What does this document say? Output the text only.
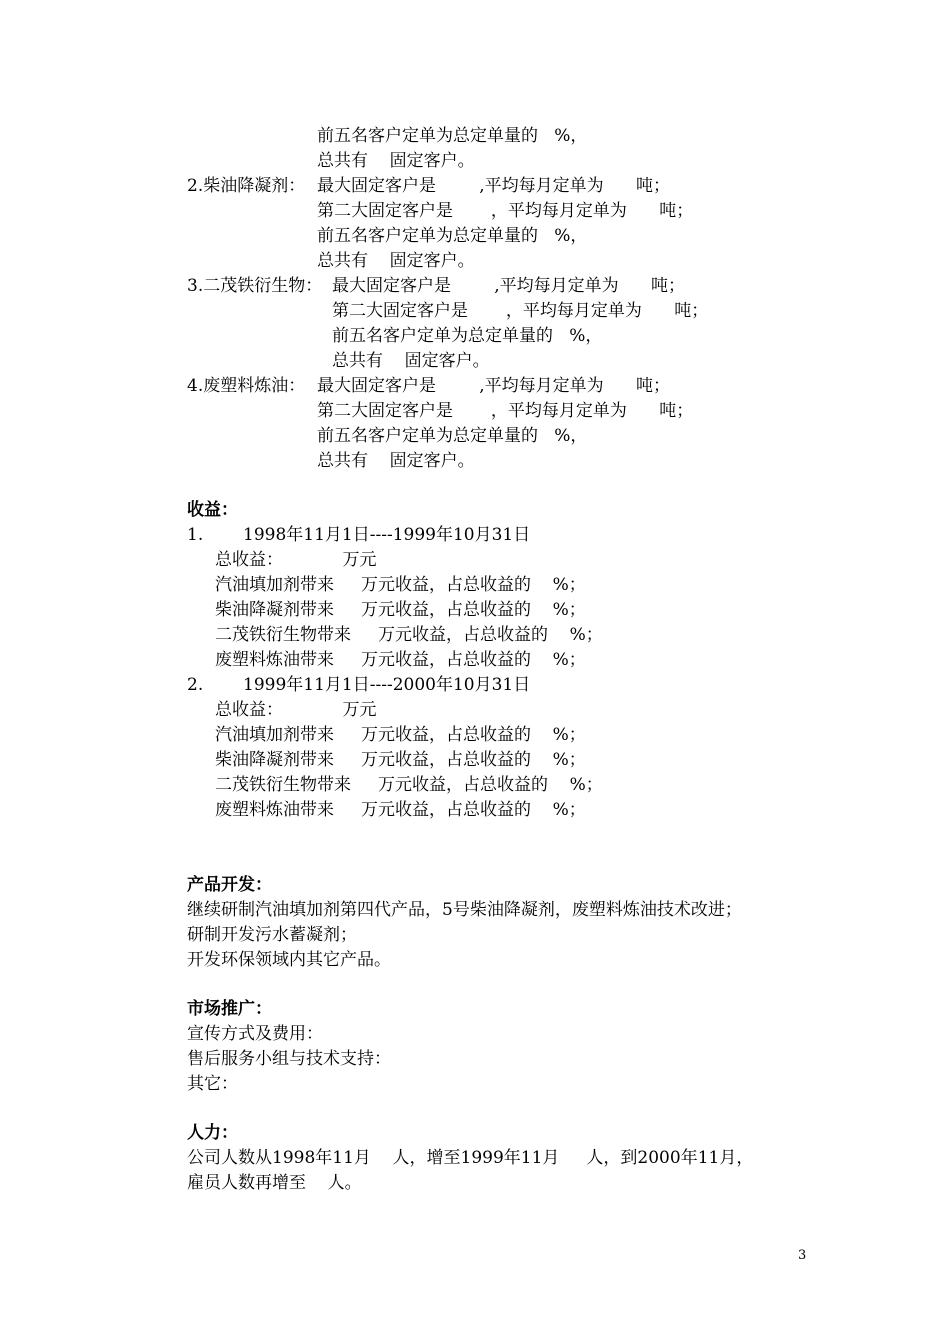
前五名客户定单为总定单量的   %，
总共有    固定客户。
2.柴油降凝剂： 最大固定客户是        ,平均每月定单为      吨；
第二大固定客户是       ，平均每月定单为      吨；
前五名客户定单为总定单量的   %，
总共有    固定客户。
3.二茂铁衍生物： 最大固定客户是        ,平均每月定单为      吨；
第二大固定客户是       ，平均每月定单为      吨；
前五名客户定单为总定单量的   %，
总共有    固定客户。
4.废塑料炼油： 最大固定客户是        ,平均每月定单为      吨；
第二大固定客户是       ，平均每月定单为      吨；
前五名客户定单为总定单量的   %，
总共有    固定客户。
收益：
1. 1998年11月1日----1999年10月31日
总收益：           万元
汽油填加剂带来     万元收益，占总收益的    %；
柴油降凝剂带来     万元收益，占总收益的    %；
二茂铁衍生物带来     万元收益，占总收益的    %；
废塑料炼油带来     万元收益，占总收益的    %；
2. 1999年11月1日----2000年10月31日
总收益：           万元
汽油填加剂带来     万元收益，占总收益的    %；
柴油降凝剂带来     万元收益，占总收益的    %；
二茂铁衍生物带来     万元收益，占总收益的    %；
废塑料炼油带来     万元收益，占总收益的    %；
产品开发：
继续研制汽油填加剂第四代产品，5号柴油降凝剂，废塑料炼油技术改进；
研制开发污水蓄凝剂；
开发环保领域内其它产品。
市场推广：
宣传方式及费用：
售后服务小组与技术支持：
其它：
人力：
公司人数从1998年11月    人，增至1999年11月     人，到2000年11月，
雇员人数再增至    人。
3
